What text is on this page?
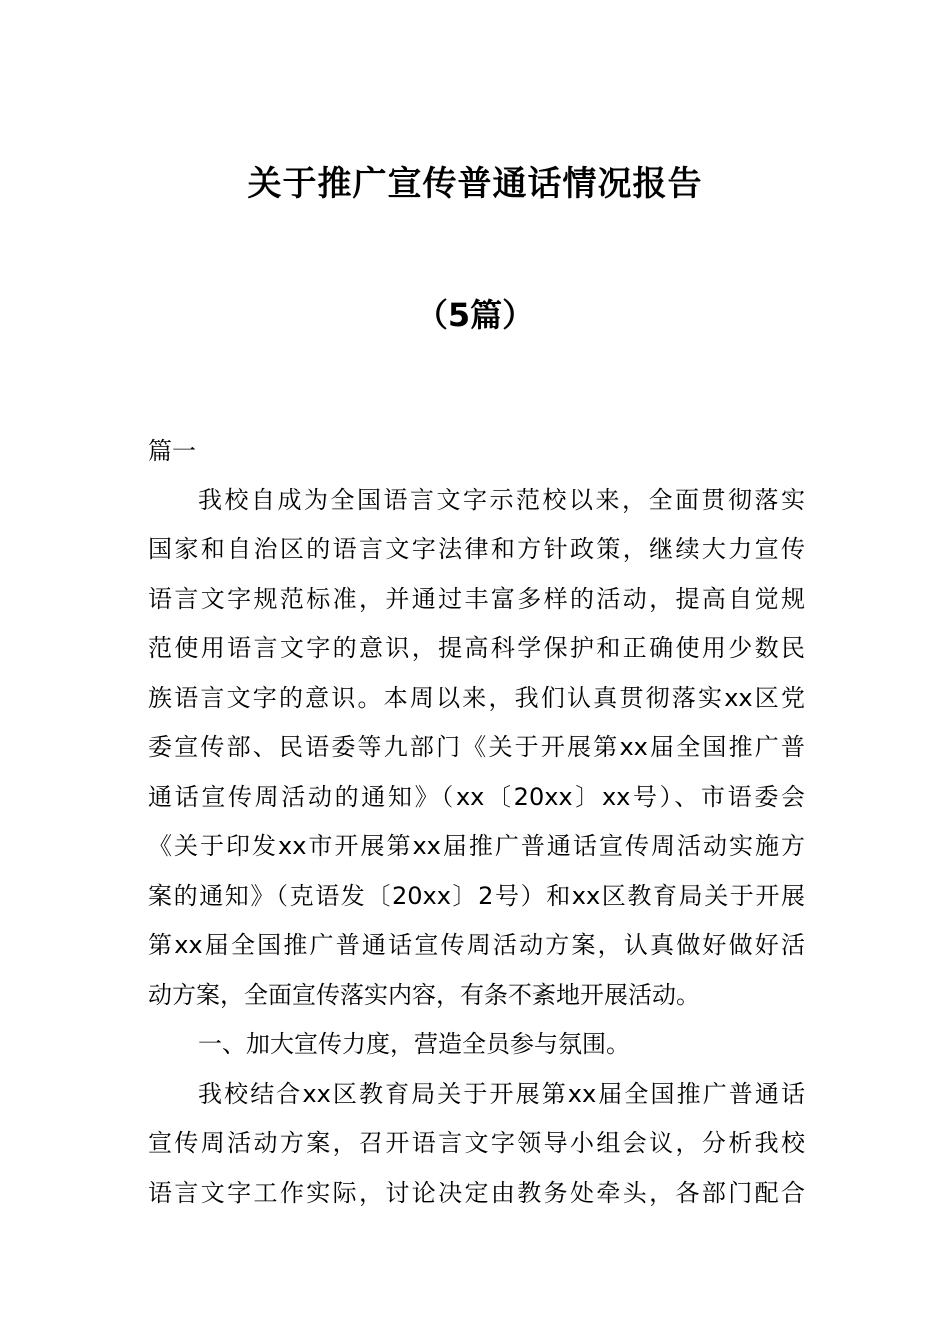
关于推广宣传普通话情况报告
（5篇）
篇一
我校自成为全国语言文字示范校以来，全面贯彻落实
国家和自治区的语言文字法律和方针政策，继续大力宣传
语言文字规范标准，并通过丰富多样的活动，提高自觉规
范使用语言文字的意识，提高科学保护和正确使用少数民
族语言文字的意识。本周以来，我们认真贯彻落实xx区党
委宣传部、民语委等九部门《关于开展第xx届全国推广普
通话宣传周活动的通知》（xx〔20xx〕xx号）、市语委会
《关于印发xx市开展第xx届推广普通话宣传周活动实施方
案的通知》（克语发〔20xx〕2号）和xx区教育局关于开展
第xx届全国推广普通话宣传周活动方案，认真做好做好活
动方案，全面宣传落实内容，有条不紊地开展活动。
一、加大宣传力度，营造全员参与氛围。
我校结合xx区教育局关于开展第xx届全国推广普通话
宣传周活动方案，召开语言文字领导小组会议，分析我校
语言文字工作实际，讨论决定由教务处牵头，各部门配合
